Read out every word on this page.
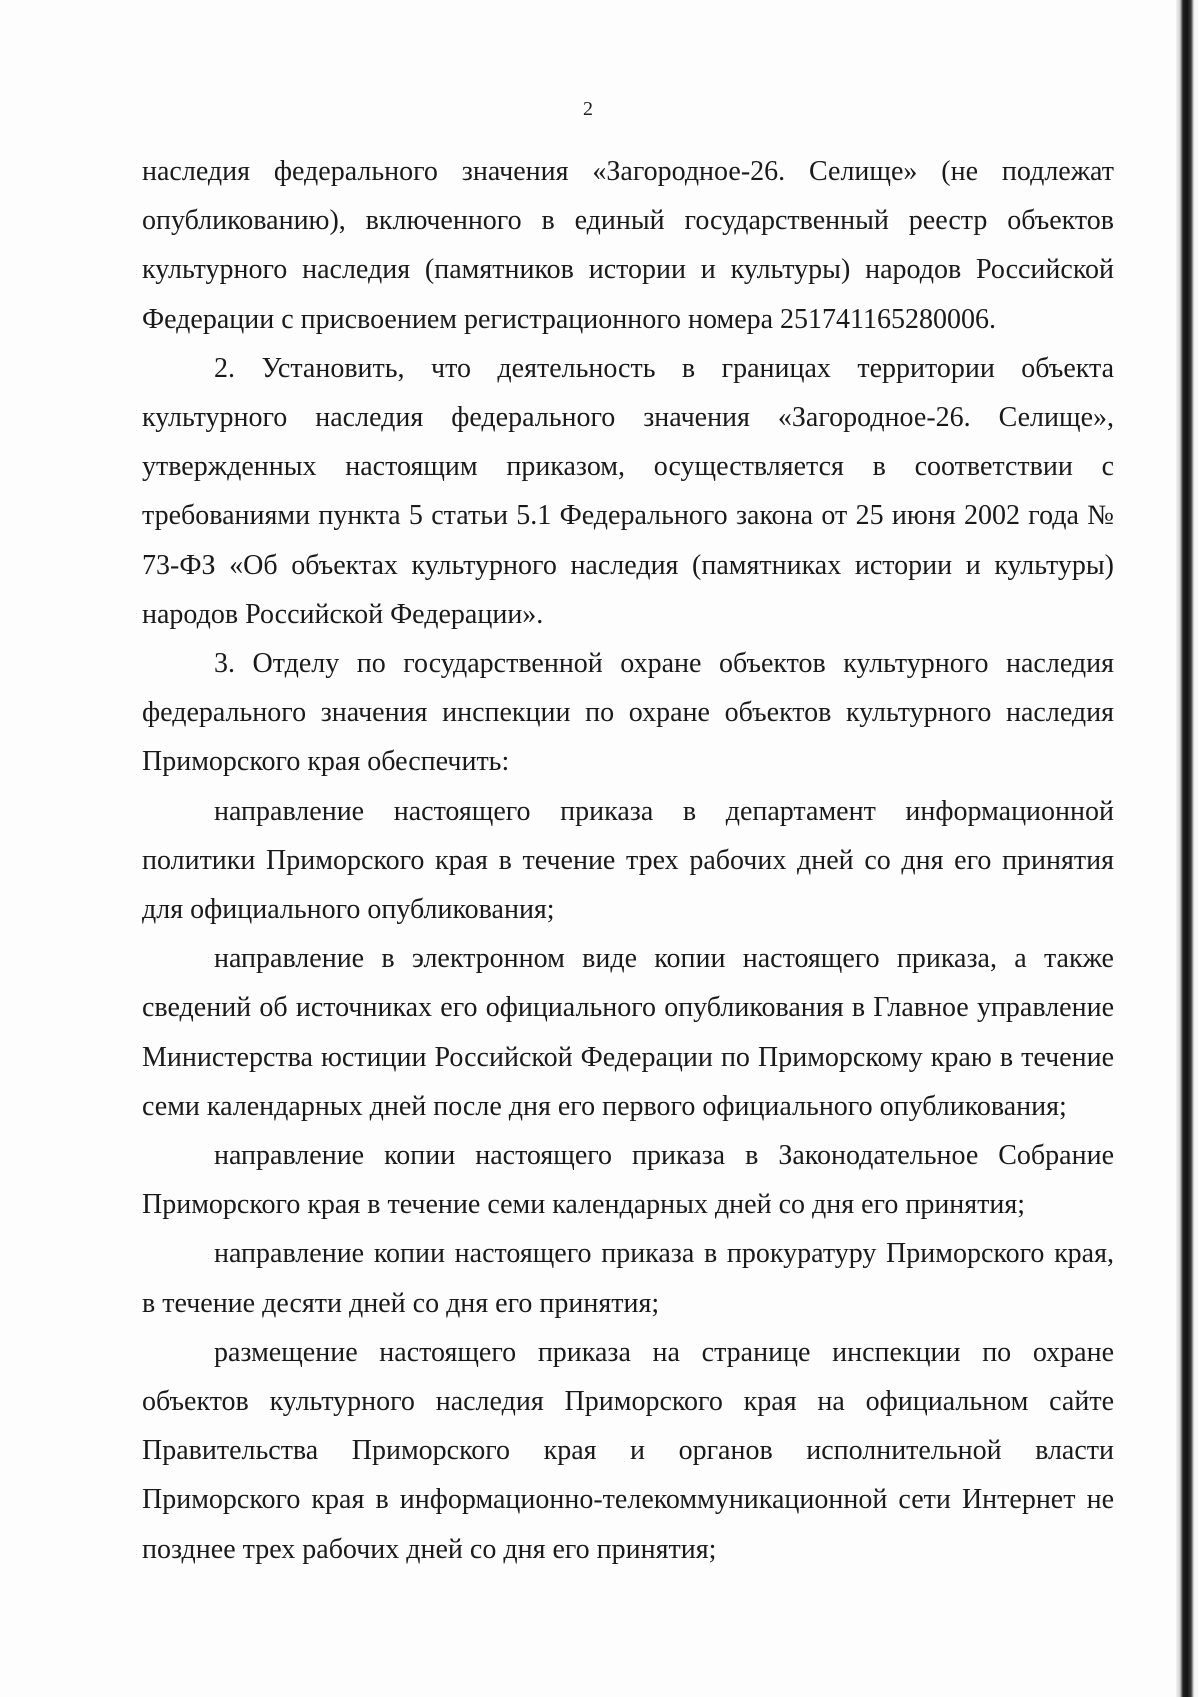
2

наследия федерального значения «Загородное-26. Селище» (не подлежат опубликованию), включенного в единый государственный реестр объектов культурного наследия (памятников истории и культуры) народов Российской Федерации с присвоением регистрационного номера 251741165280006.

2. Установить, что деятельность в границах территории объекта культурного наследия федерального значения «Загородное-26. Селище», утвержденных настоящим приказом, осуществляется в соответствии с требованиями пункта 5 статьи 5.1 Федерального закона от 25 июня 2002 года № 73-ФЗ «Об объектах культурного наследия (памятниках истории и культуры) народов Российской Федерации».

3. Отделу по государственной охране объектов культурного наследия федерального значения инспекции по охране объектов культурного наследия Приморского края обеспечить:

направление настоящего приказа в департамент информационной политики Приморского края в течение трех рабочих дней со дня его принятия для официального опубликования;

направление в электронном виде копии настоящего приказа, а также сведений об источниках его официального опубликования в Главное управление Министерства юстиции Российской Федерации по Приморскому краю в течение семи календарных дней после дня его первого официального опубликования;

направление копии настоящего приказа в Законодательное Собрание Приморского края в течение семи календарных дней со дня его принятия;

направление копии настоящего приказа в прокуратуру Приморского края, в течение десяти дней со дня его принятия;

размещение настоящего приказа на странице инспекции по охране объектов культурного наследия Приморского края на официальном сайте Правительства Приморского края и органов исполнительной власти Приморского края в информационно-телекоммуникационной сети Интернет не позднее трех рабочих дней со дня его принятия;
